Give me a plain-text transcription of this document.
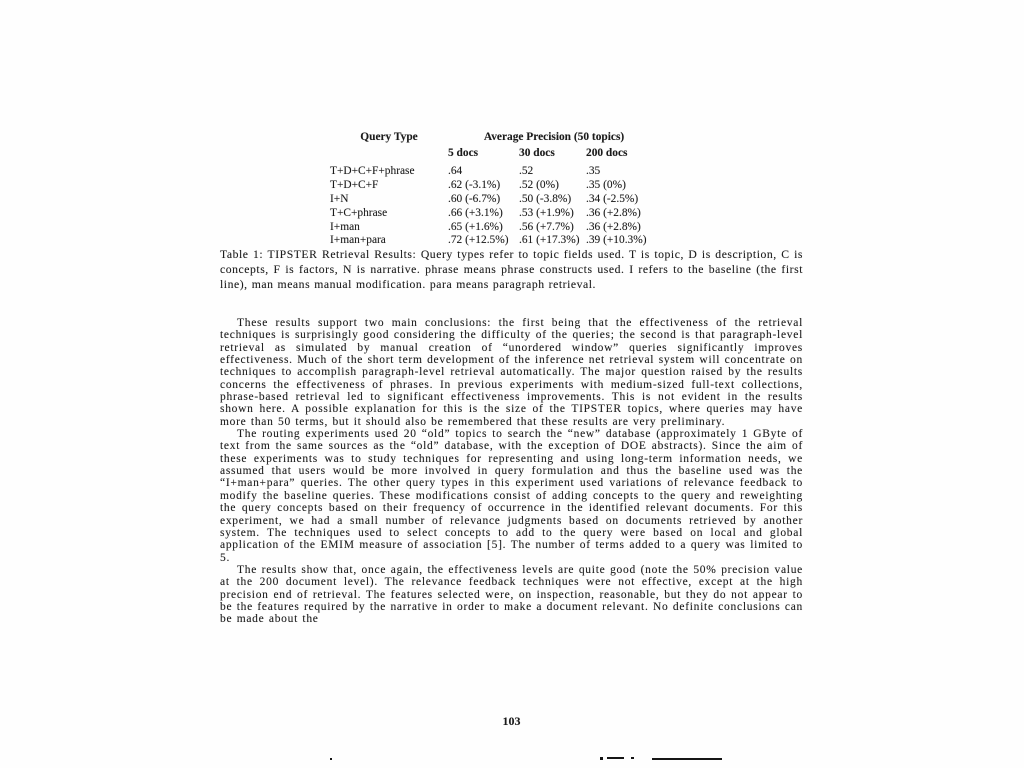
Query Type	Average Precision (50 topics)
5 docs	30 docs	200 docs
T+D+C+F+phrase	.64	.52	.35
T+D+C+F	.62 (-3.1%)	.52 (0%)	.35 (0%)
I+N	.60 (-6.7%)	.50 (-3.8%)	.34 (-2.5%)
T+C+phrase	.66 (+3.1%)	.53 (+1.9%)	.36 (+2.8%)
I+man	.65 (+1.6%)	.56 (+7.7%)	.36 (+2.8%)
I+man+para	.72 (+12.5%) .61 (+17.3%) .39 (+10.3%)
Table 1: TIPSTER Retrieval Results: Query types refer to topic fields used. T is topic, D is description, C is concepts, F is factors, N is narrative. phrase means phrase constructs used. I refers to the baseline (the first line), man means manual modification. para means paragraph retrieval.

These results support two main conclusions: the first being that the effectiveness of the retrieval techniques is surprisingly good considering the difficulty of the queries; the second is that paragraph-level retrieval as simulated by manual creation of “unordered window” queries significantly improves effectiveness. Much of the short term development of the inference net retrieval system will concentrate on techniques to accomplish paragraph-level retrieval automatically. The major question raised by the results concerns the effectiveness of phrases. In previous experiments with medium-sized full-text collections, phrase-based retrieval led to significant effectiveness improvements. This is not evident in the results shown here. A possible explanation for this is the size of the TIPSTER topics, where queries may have more than 50 terms, but it should also be remembered that these results are very preliminary.

The routing experiments used 20 “old” topics to search the “new” database (approximately 1 GByte of text from the same sources as the “old” database, with the exception of DOE abstracts). Since the aim of these experiments was to study techniques for representing and using long-term information needs, we assumed that users would be more involved in query formulation and thus the baseline used was the “I+man+para” queries. The other query types in this experiment used variations of relevance feedback to modify the baseline queries. These modifications consist of adding concepts to the query and reweighting the query concepts based on their frequency of occurrence in the identified relevant documents. For this experiment, we had a small number of relevance judgments based on documents retrieved by another system. The techniques used to select concepts to add to the query were based on local and global application of the EMIM measure of association [5]. The number of terms added to a query was limited to 5.

The results show that, once again, the effectiveness levels are quite good (note the 50% precision value at the 200 document level). The relevance feedback techniques were not effective, except at the high precision end of retrieval. The features selected were, on inspection, reasonable, but they do not appear to be the features required by the narrative in order to make a document relevant. No definite conclusions can be made about the

103
